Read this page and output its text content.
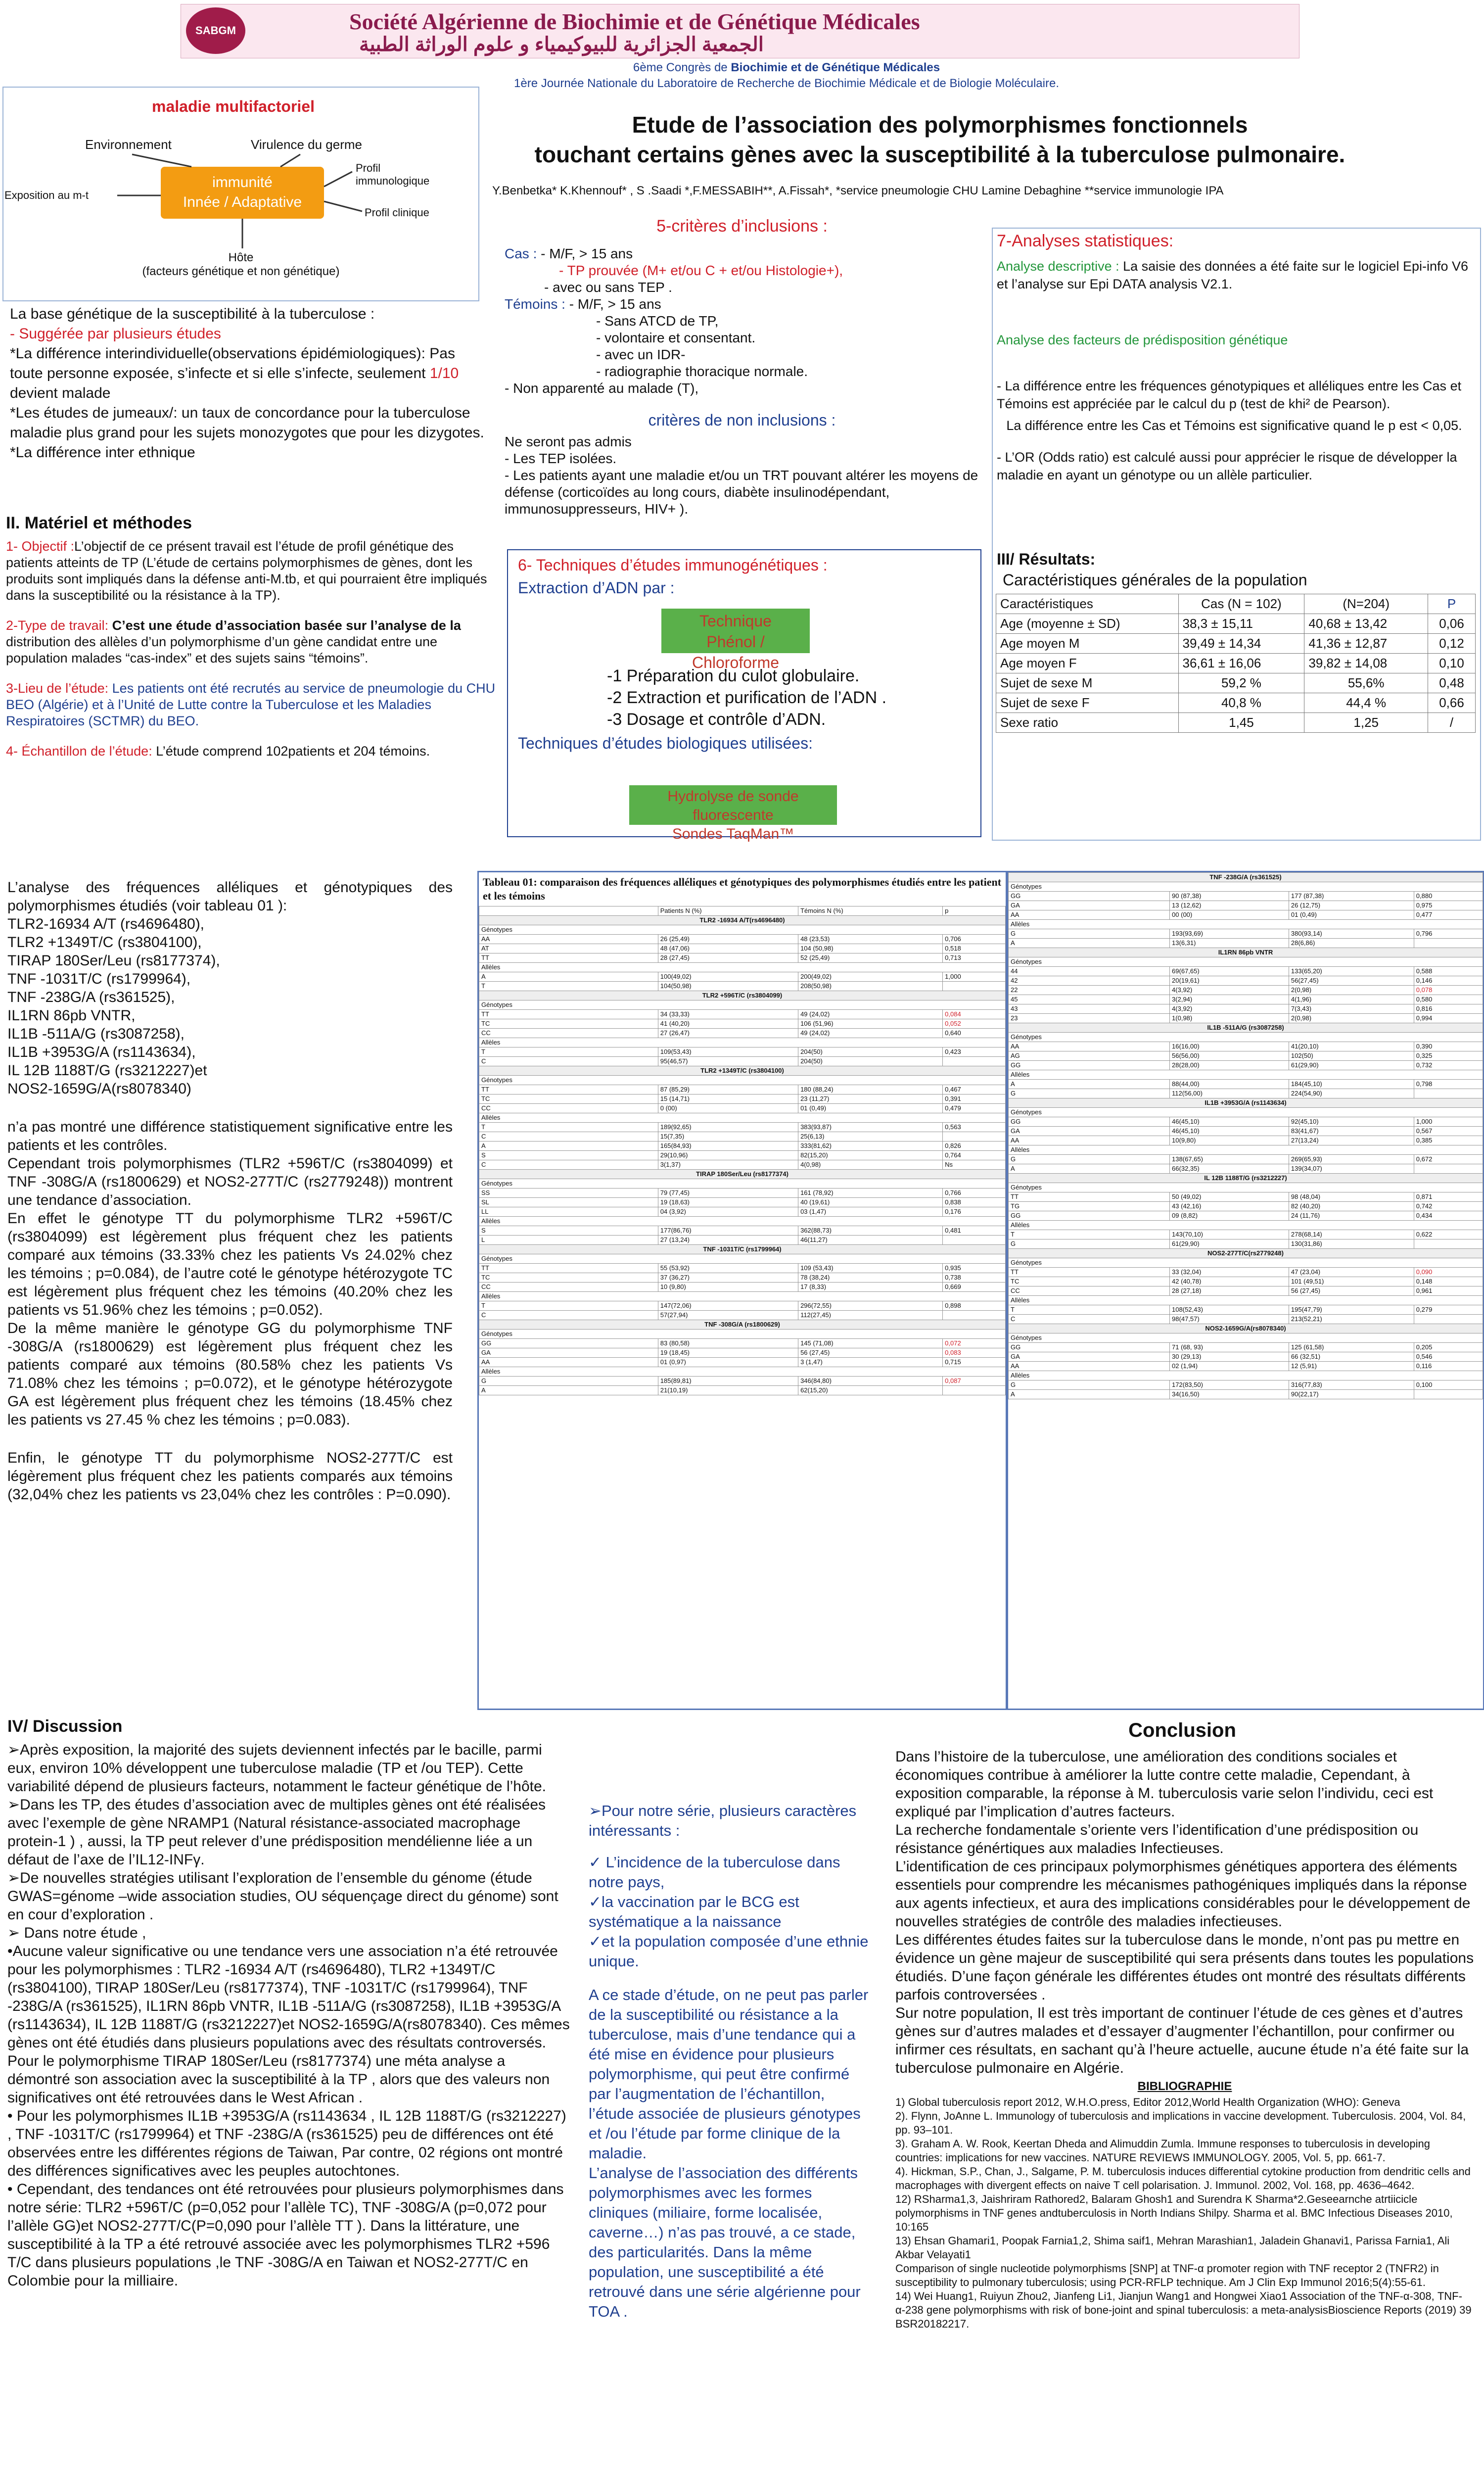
SABGM	Société Algérienne de Biochimie et de Génétique Médicales
الجمعية الجزائرية للبيوكيمياء و علوم الوراثة الطبية
6ème Congrès de Biochimie et de Génétique Médicales
1ère Journée Nationale du Laboratoire de Recherche de Biochimie Médicale et de Biologie Moléculaire.
Etude de l’association des polymorphismes fonctionnels
touchant certains gènes avec la susceptibilité à la tuberculose pulmonaire.
Y.Benbetka* K.Khennouf* , S .Saadi *,F.MESSABIH**, A.Fissah*, *service pneumologie CHU Lamine Debaghine **service immunologie IPA
maladie multifactoriel
Environnement	Virulence du germe
immunité
Innée / Adaptative
Profil immunologique
Profil clinique
Exposition au m-t
Hôte
(facteurs génétique et non génétique)
La base génétique de la susceptibilité à la tuberculose :
- Suggérée par plusieurs études
*La différence interindividuelle(observations épidémiologiques): Pas toute personne exposée, s’infecte et si elle s’infecte, seulement 1/10 devient malade
*Les études de jumeaux/: un taux de concordance pour la tuberculose maladie plus grand pour les sujets monozygotes que pour les dizygotes.
*La différence inter ethnique
II. Matériel et méthodes
1- Objectif :L’objectif de ce présent travail est l’étude de profil génétique des patients atteints de TP (L’étude de certains polymorphismes de gènes, dont les produits sont impliqués dans la défense anti-M.tb, et qui pourraient être impliqués dans la susceptibilité ou la résistance à la TP).
2-Type de travail: C’est une étude d’association basée sur l’analyse de la distribution des allèles d’un polymorphisme d’un gène candidat entre une population malades “cas-index” et des sujets sains “témoins”.
3-Lieu de l’étude: Les patients ont été recrutés au service de pneumologie du CHU BEO (Algérie) et à l’Unité de Lutte contre la Tuberculose et les Maladies Respiratoires (SCTMR) du BEO.
4- Échantillon de l’étude: L’étude comprend 102patients et 204 témoins.
5-critères d’inclusions :
Cas : - M/F, > 15 ans
- TP prouvée (M+ et/ou C + et/ou Histologie+),
- avec ou sans TEP .
Témoins : - M/F, > 15 ans
- Sans ATCD de TP,
- volontaire et consentant.
- avec un IDR-
- radiographie thoracique normale.
- Non apparenté au malade (T),
critères de non inclusions :
Ne seront pas admis
- Les TEP isolées.
- Les patients ayant une maladie et/ou un TRT pouvant altérer les moyens de défense (corticoïdes au long cours, diabète insulinodépendant, immunosuppresseurs, HIV+ ).
6- Techniques d’études immunogénétiques :
Extraction d’ADN par :
Technique
Phénol / Chloroforme
-1 Préparation du culot globulaire.
-2 Extraction et purification de l’ADN .
-3 Dosage et contrôle d’ADN.
Techniques d’études biologiques utilisées:
Hydrolyse de sonde fluorescente
Sondes TaqMan™
7-Analyses statistiques:
Analyse descriptive : La saisie des données a été faite sur le logiciel Epi-info V6 et l’analyse sur Epi DATA analysis V2.1.
Analyse des facteurs de prédisposition génétique
- La différence entre les fréquences génotypiques et alléliques entre les Cas et Témoins est appréciée par le calcul du p (test de khi² de Pearson).
La différence entre les Cas et Témoins est significative quand le p est < 0,05.
- L’OR (Odds ratio) est calculé aussi pour apprécier le risque de développer la maladie en ayant un génotype ou un allèle particulier.
III/ Résultats:
Caractéristiques générales de la population
Caractéristiques	Cas (N = 102)	(N=204)	P
Age (moyenne ± SD)	38,3 ± 15,11	40,68 ± 13,42	0,06
Age moyen M	39,49 ± 14,34	41,36 ± 12,87	0,12
Age moyen F	36,61 ± 16,06	39,82 ± 14,08	0,10
Sujet de sexe M	59,2 %	55,6%	0,48
Sujet de sexe F	40,8 %	44,4 %	0,66
Sexe ratio	1,45	1,25	/
L’analyse des fréquences alléliques et génotypiques des polymorphismes étudiés (voir tableau 01 ):
TLR2-16934 A/T (rs4696480),
TLR2 +1349T/C (rs3804100),
TIRAP 180Ser/Leu (rs8177374),
TNF -1031T/C (rs1799964),
TNF -238G/A (rs361525),
IL1RN 86pb VNTR,
IL1B -511A/G (rs3087258),
IL1B +3953G/A (rs1143634),
IL 12B 1188T/G (rs3212227)et
NOS2-1659G/A(rs8078340)
n’a pas montré une différence statistiquement significative entre les patients et les contrôles.
Cependant trois polymorphismes (TLR2 +596T/C (rs3804099) et TNF -308G/A (rs1800629) et NOS2-277T/C (rs2779248)) montrent une tendance d’association.
En effet le génotype TT du polymorphisme TLR2 +596T/C (rs3804099) est légèrement plus fréquent chez les patients comparé aux témoins (33.33% chez les patients Vs 24.02% chez les témoins ; p=0.084), de l’autre coté le génotype hétérozygote TC est légèrement plus fréquent chez les témoins (40.20% chez les patients vs 51.96% chez les témoins ; p=0.052).
De la même manière le génotype GG du polymorphisme TNF -308G/A (rs1800629) est légèrement plus fréquent chez les patients comparé aux témoins (80.58% chez les patients Vs 71.08% chez les témoins ; p=0.072), et le génotype hétérozygote GA est légèrement plus fréquent chez les témoins (18.45% chez les patients vs 27.45 % chez les témoins ; p=0.083).
Enfin, le génotype TT du polymorphisme NOS2-277T/C est légèrement plus fréquent chez les patients comparés aux témoins (32,04% chez les patients vs 23,04% chez les contrôles : P=0.090).
Tableau 01: comparaison des fréquences alléliques et génotypiques des polymorphismes étudiés entre les patient et les témoins
	Patients N (%)	Témoins N (%)	p
TLR2 -16934 A/T(rs4696480)			
Génotypes			
AA	26 (25,49)	48 (23,53)	0,706
AT	48 (47,06)	104 (50,98)	0,518
TT	28 (27,45)	52 (25,49)	0,713
Allèles			
A	100(49,02)	200(49,02)	1,000
T	104(50,98)	208(50,98)	
TLR2 +596T/C (rs3804099)			
Génotypes			
TT	34 (33,33)	49 (24,02)	0,084
TC	41 (40,20)	106 (51,96)	0,052
CC	27 (26,47)	49 (24,02)	0,640
Allèles			
T	109(53,43)	204(50)	0,423
C	95(46,57)	204(50)	
TLR2 +1349T/C (rs3804100)			
Génotypes			
TT	87 (85,29)	180 (88,24)	0,467
TC	15 (14,71)	23 (11,27)	0,391
CC	0 (00)	01 (0,49)	0,479
Allèles			
T	189(92,65)	383(93,87)	0,563
C	15(7,35)	25(6,13)	
A	165(84,93)	333(81,62)	0,826
S	29(10,96)	82(15,20)	0,764
C	3(1,37)	4(0,98)	Ns
TIRAP 180Ser/Leu (rs8177374)			
Génotypes			
SS	79 (77,45)	161 (78,92)	0,766
SL	19 (18,63)	40 (19,61)	0,838
LL	04 (3,92)	03 (1,47)	0,176
Allèles			
S	177(86,76)	362(88,73)	0,481
L	27 (13,24)	46(11,27)	
TNF -1031T/C (rs1799964)			
Génotypes			
TT	55 (53,92)	109 (53,43)	0,935
TC	37 (36,27)	78 (38,24)	0,738
CC	10 (9,80)	17 (8,33)	0,669
Allèles			
T	147(72,06)	296(72,55)	0,898
C	57(27,94)	112(27,45)	
TNF -308G/A (rs1800629)			
Génotypes			
GG	83 (80,58)	145 (71,08)	0,072
GA	19 (18,45)	56 (27,45)	0,083
AA	01 (0,97)	3 (1,47)	0,715
Allèles			
G	185(89,81)	346(84,80)	0,087
A	21(10,19)	62(15,20)	
TNF -238G/A (rs361525)			
Génotypes			
GG	90 (87,38)	177 (87,38)	0,880
GA	13 (12,62)	26 (12,75)	0,975
AA	00 (00)	01 (0,49)	0,477
Allèles			
G	193(93,69)	380(93,14)	0,796
A	13(6,31)	28(6,86)	
IL1RN 86pb VNTR			
Génotypes			
44	69(67,65)	133(65,20)	0,588
42	20(19,61)	56(27,45)	0,146
22	4(3,92)	2(0,98)	0,078
45	3(2,94)	4(1,96)	0,580
43	4(3,92)	7(3,43)	0,816
23	1(0,98)	2(0,98)	0,994
IL1B -511A/G (rs3087258)			
Génotypes			
AA	16(16,00)	41(20,10)	0,390
AG	56(56,00)	102(50)	0,325
GG	28(28,00)	61(29,90)	0,732
Allèles			
A	88(44,00)	184(45,10)	0,798
G	112(56,00)	224(54,90)	
IL1B +3953G/A (rs1143634)			
Génotypes			
GG	46(45,10)	92(45,10)	1,000
GA	46(45,10)	83(41,67)	0,567
AA	10(9,80)	27(13,24)	0,385
Allèles			
G	138(67,65)	269(65,93)	0,672
A	66(32,35)	139(34,07)	
IL 12B 1188T/G (rs3212227)			
Génotypes			
TT	50 (49,02)	98 (48,04)	0,871
TG	43 (42,16)	82 (40,20)	0,742
GG	09 (8,82)	24 (11,76)	0,434
Allèles			
T	143(70,10)	278(68,14)	0,622
G	61(29,90)	130(31,86)	
NOS2-277T/C(rs2779248)			
Génotypes			
TT	33 (32,04)	47 (23,04)	0,090
TC	42 (40,78)	101 (49,51)	0,148
CC	28 (27,18)	56 (27,45)	0,961
Allèles			
T	108(52,43)	195(47,79)	0,279
C	98(47,57)	213(52,21)	
NOS2-1659G/A(rs8078340)			
Génotypes			
GG	71 (68, 93)	125 (61,58)	0,205
GA	30 (29,13)	66 (32,51)	0,546
AA	02 (1,94)	12 (5,91)	0,116
Allèles			
G	172(83,50)	316(77,83)	0,100
A	34(16,50)	90(22,17)	
IV/ Discussion
➢Après exposition, la majorité des sujets deviennent infectés par le bacille, parmi eux, environ 10% développent une tuberculose maladie (TP et /ou TEP). Cette variabilité dépend de plusieurs facteurs, notamment le facteur génétique de l’hôte.
➢Dans les TP, des études d’association avec de multiples gènes ont été réalisées avec l’exemple de gène NRAMP1 (Natural résistance-associated macrophage protein-1 ) , aussi, la TP peut relever d’une prédisposition mendélienne liée a un défaut de l’axe de l’IL12-INFγ.
➢De nouvelles stratégies utilisant l’exploration de l’ensemble du génome (étude GWAS=génome –wide association studies, OU séquençage direct du génome) sont en cour d’exploration .
➢ Dans notre étude ,
•Aucune valeur significative ou une tendance vers une association n’a été retrouvée pour les polymorphismes : TLR2 -16934 A/T (rs4696480), TLR2 +1349T/C (rs3804100), TIRAP 180Ser/Leu (rs8177374), TNF -1031T/C (rs1799964), TNF -238G/A (rs361525), IL1RN 86pb VNTR, IL1B -511A/G (rs3087258), IL1B +3953G/A (rs1143634), IL 12B 1188T/G (rs3212227)et NOS2-1659G/A(rs8078340). Ces mêmes gènes ont été étudiés dans plusieurs populations avec des résultats controversés. Pour le polymorphisme TIRAP 180Ser/Leu (rs8177374) une méta analyse a démontré son association avec la susceptibilité à la TP , alors que des valeurs non significatives ont été retrouvées dans le West African .
• Pour les polymorphismes IL1B +3953G/A (rs1143634 , IL 12B 1188T/G (rs3212227) , TNF -1031T/C (rs1799964) et TNF -238G/A (rs361525) peu de différences ont été observées entre les différentes régions de Taiwan, Par contre, 02 régions ont montré des différences significatives avec les peuples autochtones.
• Cependant, des tendances ont été retrouvées pour plusieurs polymorphismes dans notre série: TLR2 +596T/C (p=0,052 pour l’allèle TC), TNF -308G/A (p=0,072 pour l’allèle GG)et NOS2-277T/C(P=0,090 pour l’allèle TT ). Dans la littérature, une susceptibilité à la TP a été retrouvé associée avec les polymorphismes TLR2 +596 T/C dans plusieurs populations ,le TNF -308G/A en Taiwan et NOS2-277T/C en Colombie pour la milliaire.
➢Pour notre série, plusieurs caractères intéressants :
✓ L’incidence de la tuberculose dans notre pays,
✓la vaccination par le BCG est systématique a la naissance
✓et la population composée d’une ethnie unique.
A ce stade d’étude, on ne peut pas parler de la susceptibilité ou résistance a la tuberculose, mais d’une tendance qui a été mise en évidence pour plusieurs polymorphisme, qui peut être confirmé par l’augmentation de l’échantillon, l’étude associée de plusieurs génotypes et /ou l’étude par forme clinique de la maladie.
L’analyse de l’association des différents polymorphismes avec les formes cliniques (miliaire, forme localisée, caverne…) n’as pas trouvé, a ce stade, des particularités. Dans la même population, une susceptibilité a été retrouvé dans une série algérienne pour TOA .
Conclusion
Dans l’histoire de la tuberculose, une amélioration des conditions sociales et économiques contribue à améliorer la lutte contre cette maladie, Cependant, à exposition comparable, la réponse à M. tuberculosis varie selon l’individu, ceci est expliqué par l’implication d’autres facteurs.
La recherche fondamentale s’oriente vers l’identification d’une prédisposition ou résistance génértiques aux maladies Infectieuses.
L’identification de ces principaux polymorphismes génétiques apportera des éléments essentiels pour comprendre les mécanismes pathogéniques impliqués dans la réponse aux agents infectieux, et aura des implications considérables pour le développement de nouvelles stratégies de contrôle des maladies infectieuses.
Les différentes études faites sur la tuberculose dans le monde, n’ont pas pu mettre en évidence un gène majeur de susceptibilité qui sera présents dans toutes les populations étudiés. D’une façon générale les différentes études ont montré des résultats différents parfois controversées .
Sur notre population, Il est très important de continuer l’étude de ces gènes et d’autres gènes sur d’autres malades et d’essayer d’augmenter l’échantillon, pour confirmer ou infirmer ces résultats, en sachant qu’à l’heure actuelle, aucune étude n’a été faite sur la tuberculose pulmonaire en Algérie.
BIBLIOGRAPHIE
1) Global tuberculosis report 2012, W.H.O.press, Editor 2012,World Health Organization (WHO): Geneva
2). Flynn, JoAnne L. Immunology of tuberculosis and implications in vaccine development. Tuberculosis. 2004, Vol. 84, pp. 93–101.
3). Graham A. W. Rook, Keertan Dheda and Alimuddin Zumla. Immune responses to tuberculosis in developing countries: implications for new vaccines. NATURE REVIEWS IMMUNOLOGY. 2005, Vol. 5, pp. 661-7.
4). Hickman, S.P., Chan, J., Salgame, P. M. tuberculosis induces differential cytokine production from dendritic cells and macrophages with divergent effects on naive T cell polarisation. J. Immunol. 2002, Vol. 168, pp. 4636–4642.
12) RSharma1,3, Jaishriram Rathored2, Balaram Ghosh1 and Surendra K Sharma*2.Geseearnche atrtiicicle polymorphisms in TNF genes andtuberculosis in North Indians Shilpy. Sharma et al. BMC Infectious Diseases 2010, 10:165
13) Ehsan Ghamari1, Poopak Farnia1,2, Shima saif1, Mehran Marashian1, Jaladein Ghanavi1, Parissa Farnia1, Ali Akbar Velayati1
Comparison of single nucleotide polymorphisms [SNP] at TNF-α promoter region with TNF receptor 2 (TNFR2) in susceptibility to pulmonary tuberculosis; using PCR-RFLP technique. Am J Clin Exp Immunol 2016;5(4):55-61.
14) Wei Huang1, Ruiyun Zhou2, Jianfeng Li1, Jianjun Wang1 and Hongwei Xiao1 Association of the TNF-α-308, TNF-α-238 gene polymorphisms with risk of bone-joint and spinal tuberculosis: a meta-analysisBioscience Reports (2019) 39 BSR20182217.
